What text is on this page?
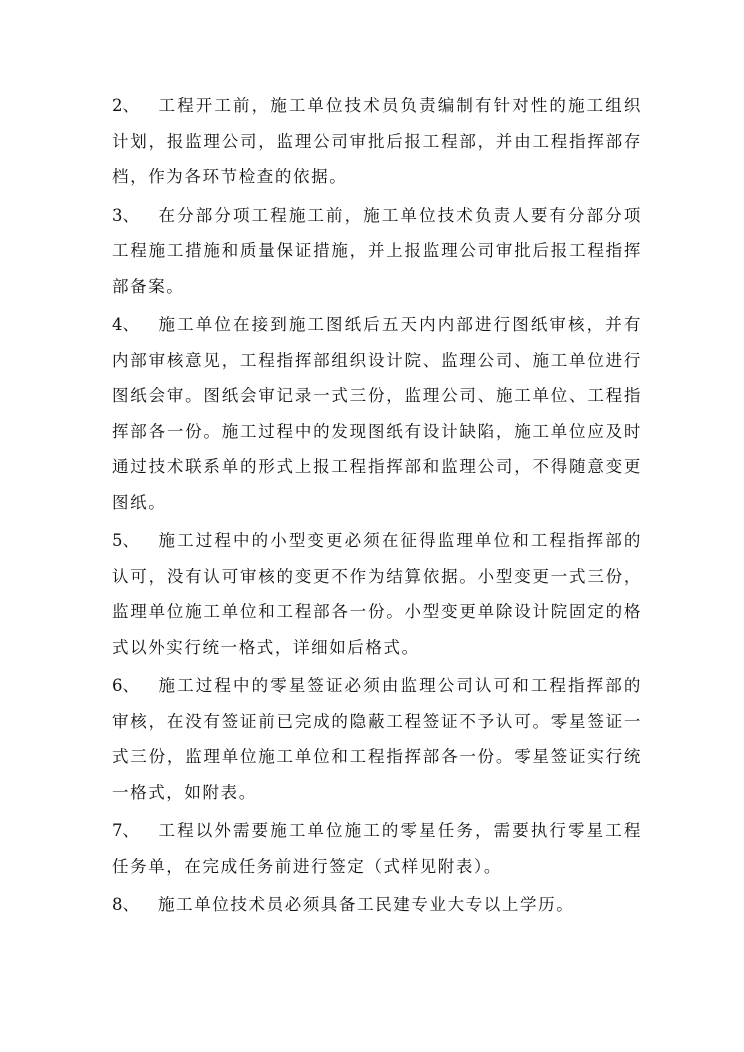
2、 工程开工前，施工单位技术员负责编制有针对性的施工组织计划，报监理公司，监理公司审批后报工程部，并由工程指挥部存档，作为各环节检查的依据。

3、 在分部分项工程施工前，施工单位技术负责人要有分部分项工程施工措施和质量保证措施，并上报监理公司审批后报工程指挥部备案。

4、 施工单位在接到施工图纸后五天内内部进行图纸审核，并有内部审核意见，工程指挥部组织设计院、监理公司、施工单位进行图纸会审。图纸会审记录一式三份，监理公司、施工单位、工程指挥部各一份。施工过程中的发现图纸有设计缺陷，施工单位应及时通过技术联系单的形式上报工程指挥部和监理公司，不得随意变更图纸。

5、 施工过程中的小型变更必须在征得监理单位和工程指挥部的认可，没有认可审核的变更不作为结算依据。小型变更一式三份，监理单位施工单位和工程部各一份。小型变更单除设计院固定的格式以外实行统一格式，详细如后格式。

6、 施工过程中的零星签证必须由监理公司认可和工程指挥部的审核，在没有签证前已完成的隐蔽工程签证不予认可。零星签证一式三份，监理单位施工单位和工程指挥部各一份。零星签证实行统一格式，如附表。

7、 工程以外需要施工单位施工的零星任务，需要执行零星工程任务单，在完成任务前进行签定（式样见附表）。

8、 施工单位技术员必须具备工民建专业大专以上学历。
